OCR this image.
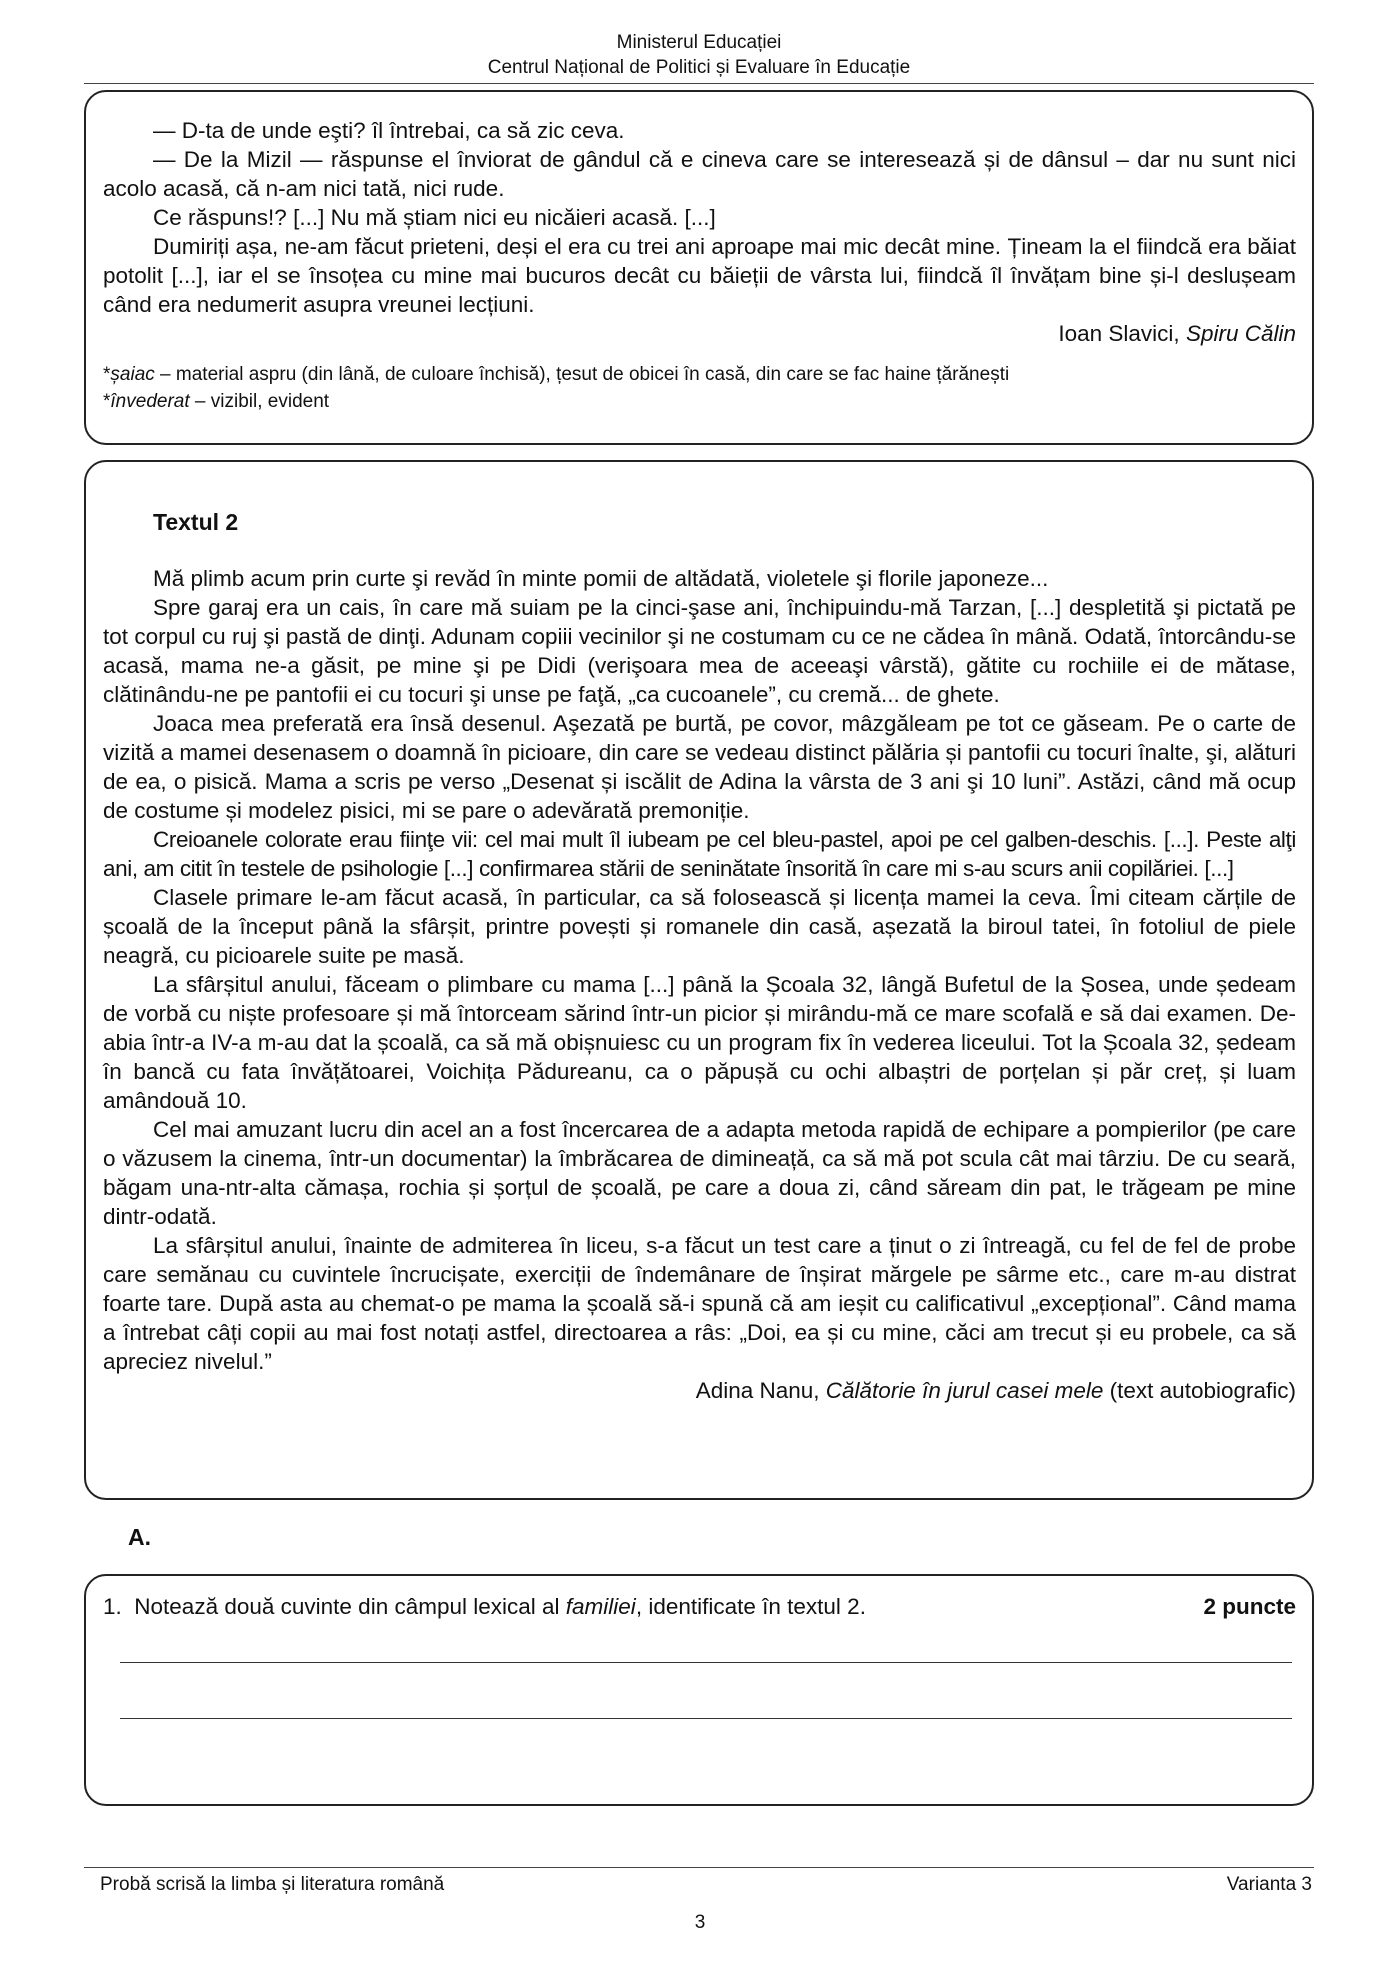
Ministerul Educației
Centrul Național de Politici și Evaluare în Educație

— D-ta de unde eşti? îl întrebai, ca să zic ceva.

— De la Mizil — răspunse el înviorat de gândul că e cineva care se interesează și de dânsul – dar nu sunt nici acolo acasă, că n-am nici tată, nici rude.

Ce răspuns!? [...] Nu mă știam nici eu nicăieri acasă. [...]

Dumiriți așa, ne-am făcut prieteni, deși el era cu trei ani aproape mai mic decât mine. Țineam la el fiindcă era băiat potolit [...], iar el se însoțea cu mine mai bucuros decât cu băieții de vârsta lui, fiindcă îl învățam bine și-l deslușeam când era nedumerit asupra vreunei lecțiuni.

Ioan Slavici, Spiru Călin

*șaiac – material aspru (din lână, de culoare închisă), țesut de obicei în casă, din care se fac haine țărănești
*învederat – vizibil, evident
Textul 2

Mă plimb acum prin curte şi revăd în minte pomii de altădată, violetele şi florile japoneze...

Spre garaj era un cais, în care mă suiam pe la cinci-şase ani, închipuindu-mă Tarzan, [...] despletită şi pictată pe tot corpul cu ruj şi pastă de dinţi. Adunam copiii vecinilor şi ne costumam cu ce ne cădea în mână. Odată, întorcându-se acasă, mama ne-a găsit, pe mine şi pe Didi (verişoara mea de aceeaşi vârstă), gătite cu rochiile ei de mătase, clătinându-ne pe pantofii ei cu tocuri şi unse pe faţă, „ca cucoanele”, cu cremă... de ghete.

Joaca mea preferată era însă desenul. Aşezată pe burtă, pe covor, mâzgăleam pe tot ce găseam. Pe o carte de vizită a mamei desenasem o doamnă în picioare, din care se vedeau distinct pălăria și pantofii cu tocuri înalte, şi, alături de ea, o pisică. Mama a scris pe verso „Desenat și iscălit de Adina la vârsta de 3 ani şi 10 luni”. Astăzi, când mă ocup de costume și modelez pisici, mi se pare o adevărată premoniție.

Creioanele colorate erau fiinţe vii: cel mai mult îl iubeam pe cel bleu-pastel, apoi pe cel galben-deschis. [...]. Peste alţi ani, am citit în testele de psihologie [...] confirmarea stării de seninătate însorită în care mi s-au scurs anii copilăriei. [...]

Clasele primare le-am făcut acasă, în particular, ca să folosească și licența mamei la ceva. Îmi citeam cărțile de școală de la început până la sfârșit, printre povești și romanele din casă, așezată la biroul tatei, în fotoliul de piele neagră, cu picioarele suite pe masă.

La sfârșitul anului, făceam o plimbare cu mama [...] până la Școala 32, lângă Bufetul de la Șosea, unde ședeam de vorbă cu niște profesoare și mă întorceam sărind într-un picior și mirându-mă ce mare scofală e să dai examen. De-abia într-a IV-a m-au dat la școală, ca să mă obișnuiesc cu un program fix în vederea liceului. Tot la Școala 32, ședeam în bancă cu fata învățătoarei, Voichița Pădureanu, ca o păpușă cu ochi albaștri de porțelan și păr creț, și luam amândouă 10.

Cel mai amuzant lucru din acel an a fost încercarea de a adapta metoda rapidă de echipare a pompierilor (pe care o văzusem la cinema, într-un documentar) la îmbrăcarea de dimineață, ca să mă pot scula cât mai târziu. De cu seară, băgam una-ntr-alta cămașa, rochia și șorțul de școală, pe care a doua zi, când săream din pat, le trăgeam pe mine dintr-odată.

La sfârșitul anului, înainte de admiterea în liceu, s-a făcut un test care a ținut o zi întreagă, cu fel de fel de probe care semănau cu cuvintele încrucișate, exerciții de îndemânare de înșirat mărgele pe sârme etc., care m-au distrat foarte tare. După asta au chemat-o pe mama la școală să-i spună că am ieșit cu calificativul „excepțional”. Când mama a întrebat câți copii au mai fost notați astfel, directoarea a râs: „Doi, ea și cu mine, căci am trecut și eu probele, ca să apreciez nivelul.”

Adina Nanu, Călătorie în jurul casei mele (text autobiografic)

A.
1. Notează două cuvinte din câmpul lexical al familiei, identificate în textul 2.	2 puncte
Probă scrisă la limba și literatura română	Varianta 3
3
